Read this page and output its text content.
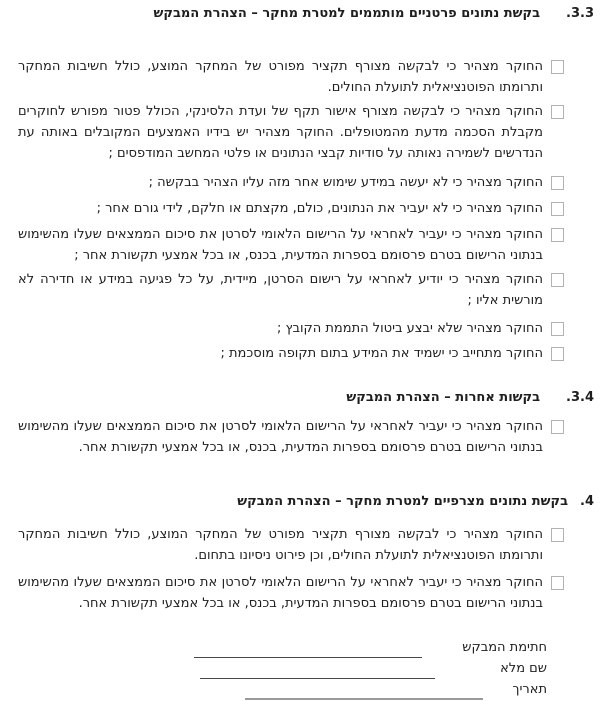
3.3.בקשת נתונים פרטניים מותממים למטרת מחקר – הצהרת המבקש

החוקר מצהיר כי לבקשה מצורף תקציר מפורט של המחקר המוצע, כולל חשיבות המחקר ותרומתו הפוטנציאלית לתועלת החולים.

החוקר מצהיר כי לבקשה מצורף אישור תקף של ועדת הלסינקי, הכולל פטור מפורש לחוקרים מקבלת הסכמה מדעת מהמטופלים. החוקר מצהיר יש בידיו האמצעים המקובלים באותה עת הנדרשים לשמירה נאותה על סודיות קבצי הנתונים או פלטי המחשב המודפסים ;

החוקר מצהיר כי לא יעשה במידע שימוש אחר מזה עליו הצהיר בבקשה ;

החוקר מצהיר כי לא יעביר את הנתונים, כולם, מקצתם או חלקם, לידי גורם אחר ;

החוקר מצהיר כי יעביר לאחראי על הרישום הלאומי לסרטן את סיכום הממצאים שעלו מהשימוש בנתוני הרישום בטרם פרסומם בספרות המדעית, בכנס, או בכל אמצעי תקשורת אחר ;

החוקר מצהיר כי יודיע לאחראי על רישום הסרטן, מיידית, על כל פגיעה במידע או חדירה לא מורשית אליו ;

החוקר מצהיר שלא יבצע ביטול התממת הקובץ ;

החוקר מתחייב כי ישמיד את המידע בתום תקופה מוסכמת ;

3.4.בקשות אחרות – הצהרת המבקש

החוקר מצהיר כי יעביר לאחראי על הרישום הלאומי לסרטן את סיכום הממצאים שעלו מהשימוש בנתוני הרישום בטרם פרסומם בספרות המדעית, בכנס, או בכל אמצעי תקשורת אחר.

4.בקשת נתונים מצרפיים למטרת מחקר – הצהרת המבקש

החוקר מצהיר כי לבקשה מצורף תקציר מפורט של המחקר המוצע, כולל חשיבות המחקר ותרומתו הפוטנציאלית לתועלת החולים, וכן פירוט ניסיונו בתחום.

החוקר מצהיר כי יעביר לאחראי על הרישום הלאומי לסרטן את סיכום הממצאים שעלו מהשימוש בנתוני הרישום בטרם פרסומם בספרות המדעית, בכנס, או בכל אמצעי תקשורת אחר.

חתימת המבקש
שם מלא
תאריך
